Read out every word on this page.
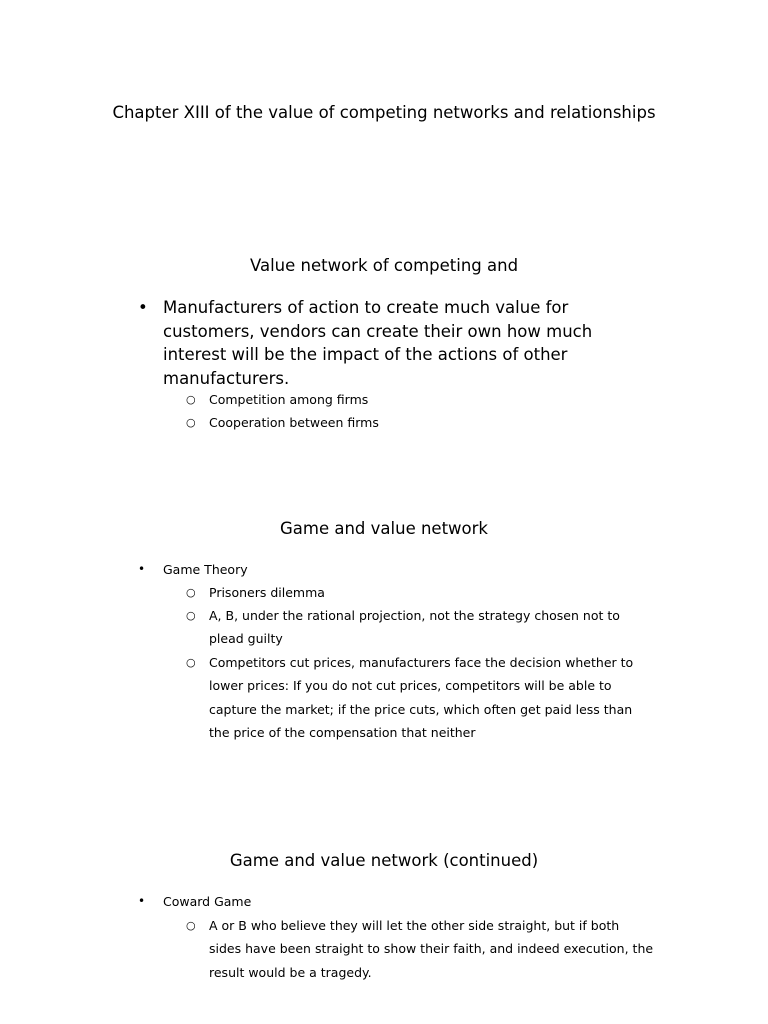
Chapter XIII of the value of competing networks and relationships
Value network of competing and
• Manufacturers of action to create much value for customers, vendors can create their own how much interest will be the impact of the actions of other manufacturers.
○ Competition among firms
○ Cooperation between firms
Game and value network
• Game Theory
○ Prisoners dilemma
○ A, B, under the rational projection, not the strategy chosen not to plead guilty
○ Competitors cut prices, manufacturers face the decision whether to lower prices: If you do not cut prices, competitors will be able to capture the market; if the price cuts, which often get paid less than the price of the compensation that neither
Game and value network (continued)
• Coward Game
○ A or B who believe they will let the other side straight, but if both sides have been straight to show their faith, and indeed execution, the result would be a tragedy.
